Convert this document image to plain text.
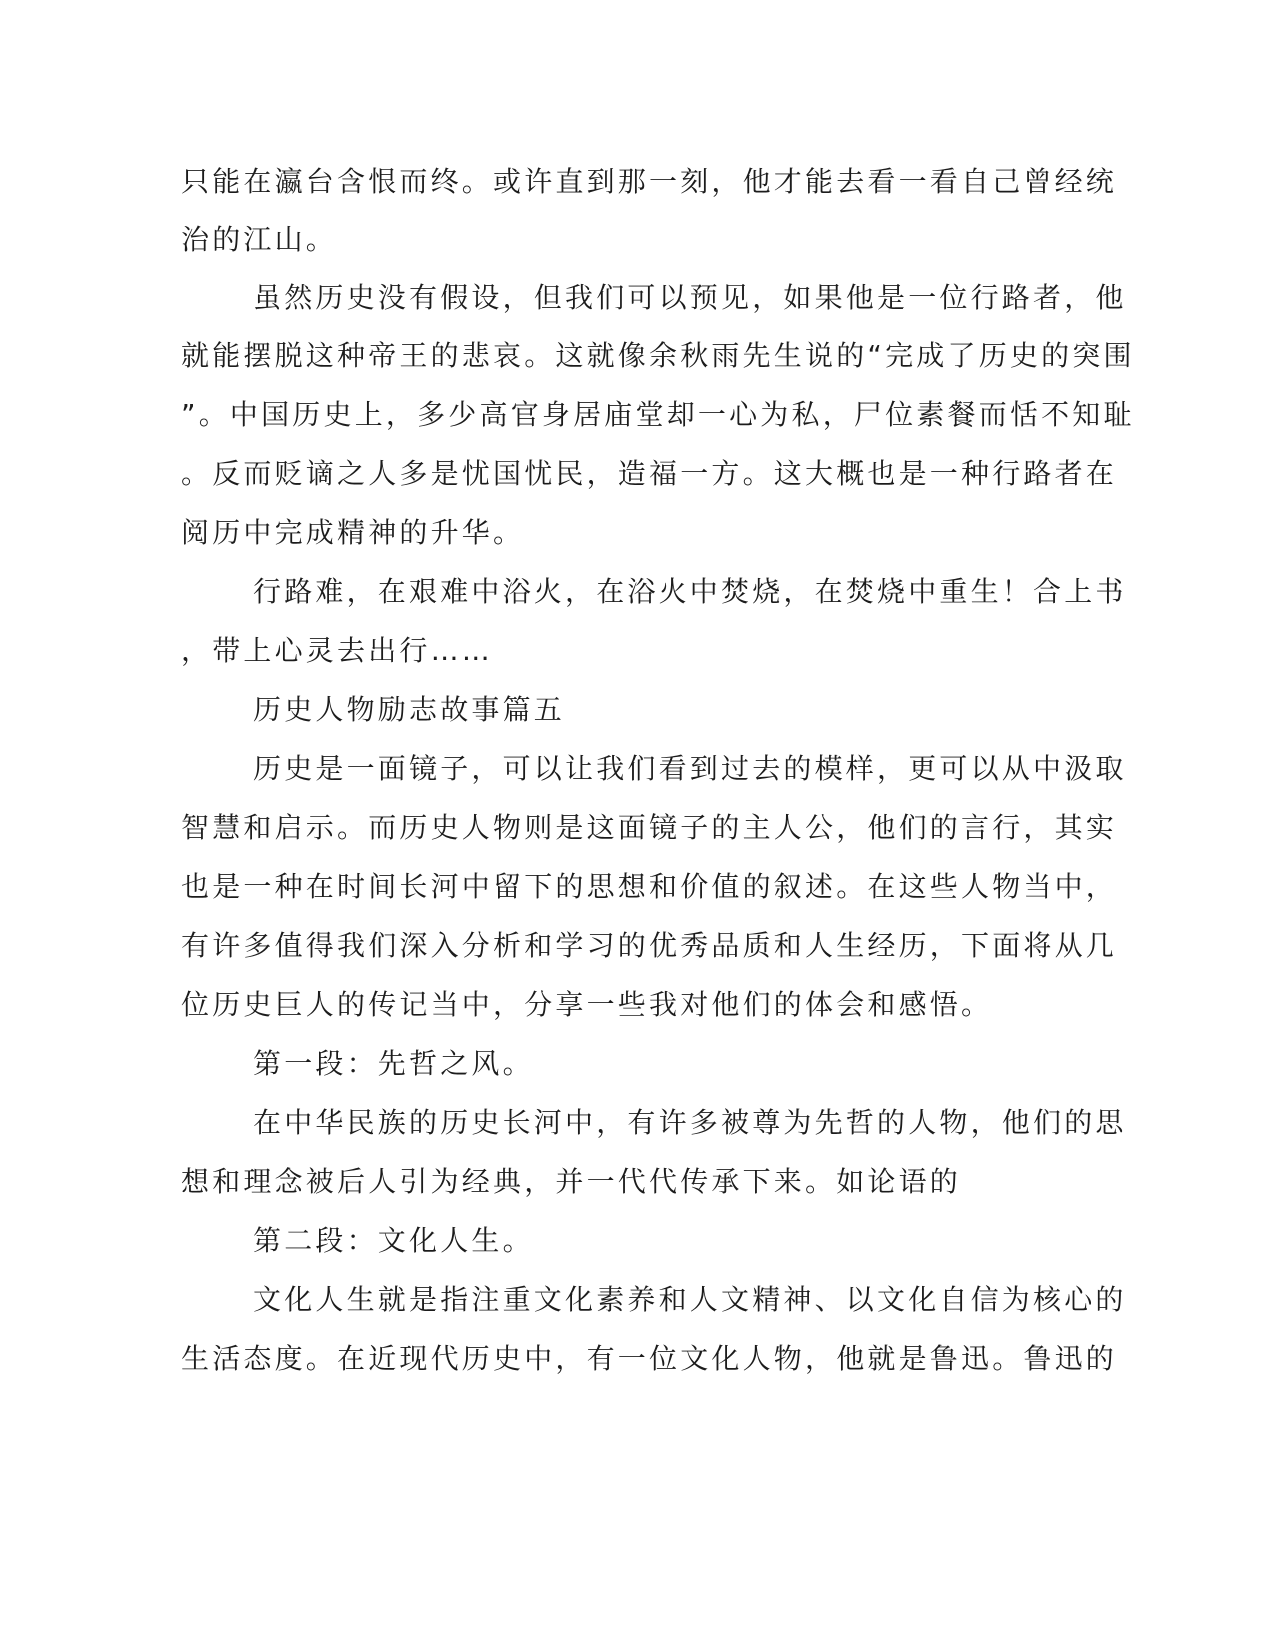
只能在瀛台含恨而终。或许直到那一刻，他才能去看一看自己曾经统
治的江山。
虽然历史没有假设，但我们可以预见，如果他是一位行路者，他
就能摆脱这种帝王的悲哀。这就像余秋雨先生说的“完成了历史的突围
”。中国历史上，多少高官身居庙堂却一心为私，尸位素餐而恬不知耻
。反而贬谪之人多是忧国忧民，造福一方。这大概也是一种行路者在
阅历中完成精神的升华。
行路难，在艰难中浴火，在浴火中焚烧，在焚烧中重生！合上书
，带上心灵去出行……
历史人物励志故事篇五
历史是一面镜子，可以让我们看到过去的模样，更可以从中汲取
智慧和启示。而历史人物则是这面镜子的主人公，他们的言行，其实
也是一种在时间长河中留下的思想和价值的叙述。在这些人物当中，
有许多值得我们深入分析和学习的优秀品质和人生经历，下面将从几
位历史巨人的传记当中，分享一些我对他们的体会和感悟。
第一段：先哲之风。
在中华民族的历史长河中，有许多被尊为先哲的人物，他们的思
想和理念被后人引为经典，并一代代传承下来。如论语的
第二段：文化人生。
文化人生就是指注重文化素养和人文精神、以文化自信为核心的
生活态度。在近现代历史中，有一位文化人物，他就是鲁迅。鲁迅的
